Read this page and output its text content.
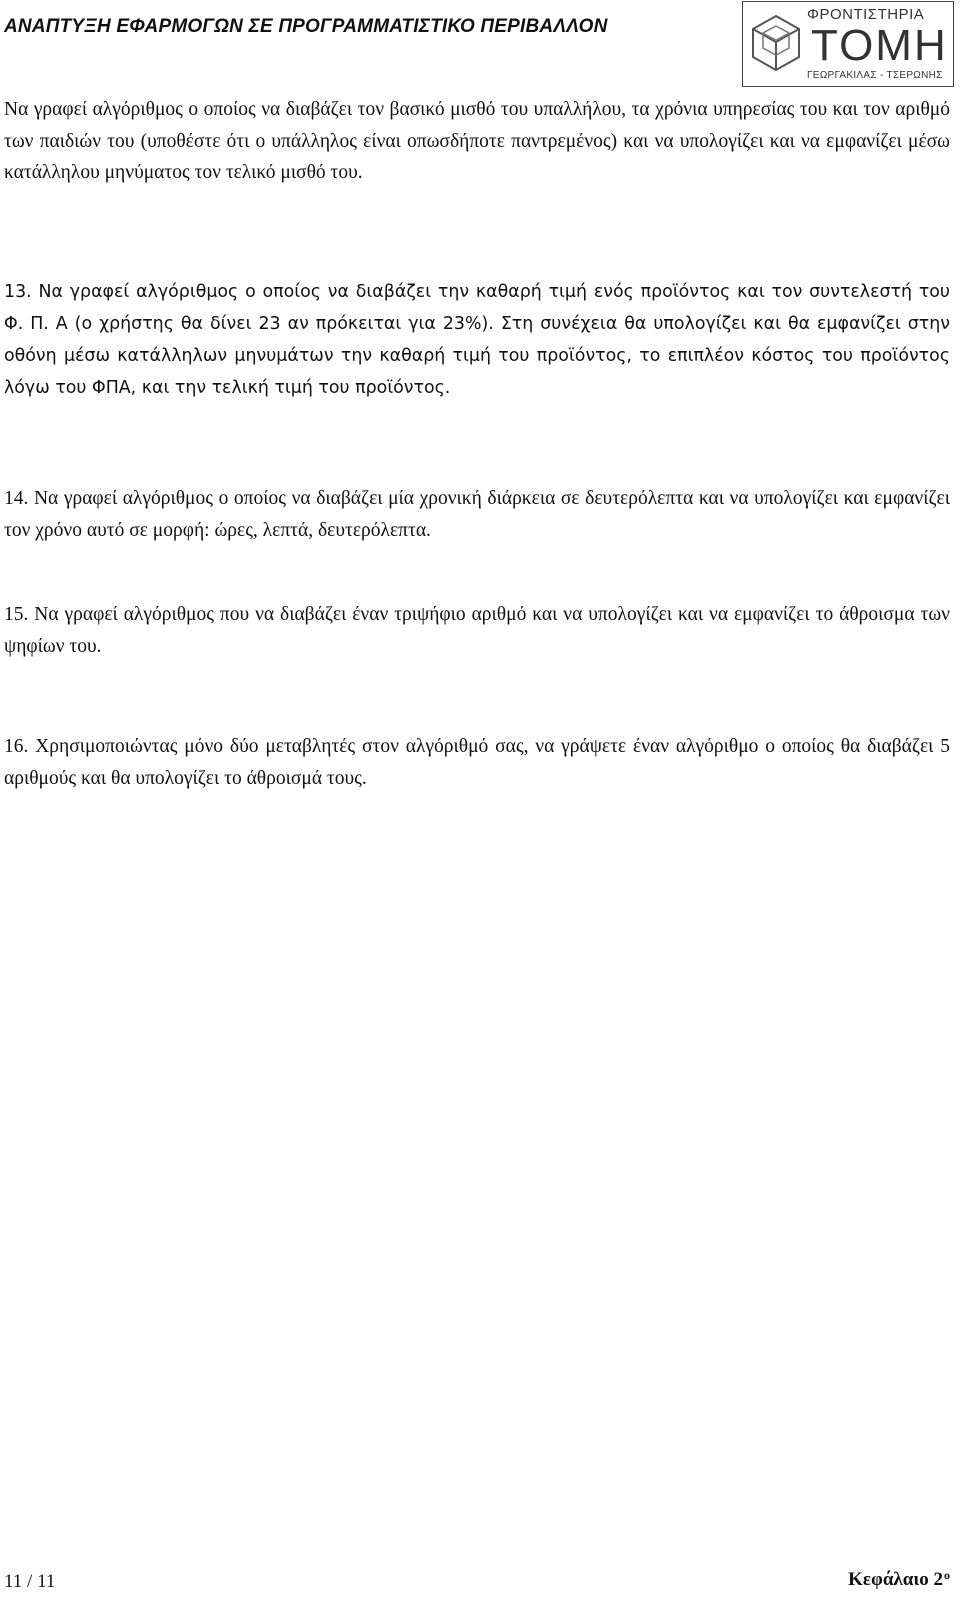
ΑΝΑΠΤΥΞΗ ΕΦΑΡΜΟΓΩΝ ΣΕ ΠΡΟΓΡΑΜΜΑΤΙΣΤΙΚΟ ΠΕΡΙΒΑΛΛΟΝ
ΦΡΟΝΤΙΣΤΗΡΙΑ
ΤΟΜΗ
ΓΕΩΡΓΑΚΙΛΑΣ - ΤΣΕΡΩΝΗΣ

Να γραφεί αλγόριθμος ο οποίος να διαβάζει τον βασικό μισθό του υπαλλήλου, τα χρόνια υπηρεσίας του και τον αριθμό των παιδιών του (υποθέστε ότι ο υπάλληλος είναι οπωσδήποτε παντρεμένος) και να υπολογίζει και να εμφανίζει μέσω κατάλληλου μηνύματος τον τελικό μισθό του.

13. Να γραφεί αλγόριθμος ο οποίος να διαβάζει την καθαρή τιμή ενός προϊόντος και τον συντελεστή του Φ. Π. Α (ο χρήστης θα δίνει 23 αν πρόκειται για 23%). Στη συνέχεια θα υπολογίζει και θα εμφανίζει στην οθόνη μέσω κατάλληλων μηνυμάτων την καθαρή τιμή του προϊόντος, το επιπλέον κόστος του προϊόντος λόγω του ΦΠΑ, και την τελική τιμή του προϊόντος.

14. Να γραφεί αλγόριθμος ο οποίος να διαβάζει μία χρονική διάρκεια σε δευτερόλεπτα και να υπολογίζει και εμφανίζει τον χρόνο αυτό σε μορφή: ώρες, λεπτά, δευτερόλεπτα.

15. Να γραφεί αλγόριθμος που να διαβάζει έναν τριψήφιο αριθμό και να υπολογίζει και να εμφανίζει το άθροισμα των ψηφίων του.

16. Χρησιμοποιώντας μόνο δύο μεταβλητές στον αλγόριθμό σας, να γράψετε έναν αλγόριθμο ο οποίος θα διαβάζει 5 αριθμούς και θα υπολογίζει το άθροισμά τους.

11 / 11	Κεφάλαιο $2^o$
